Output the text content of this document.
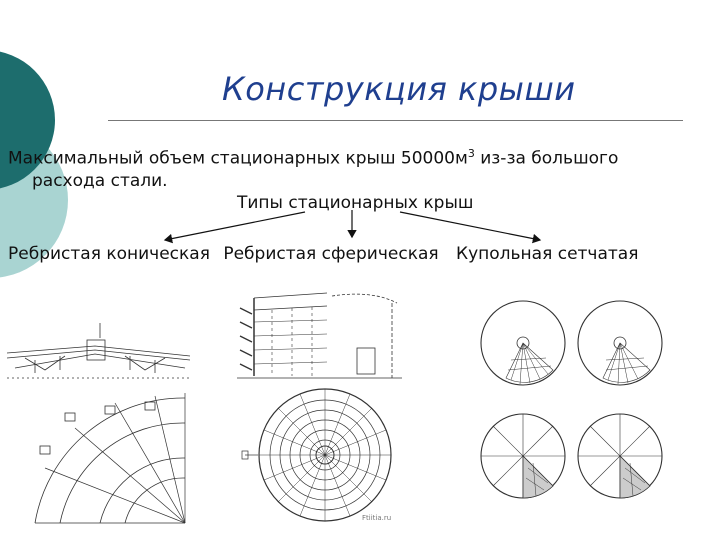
Конструкция крыши
Максимальный объем стационарных крыш $50000м^3$ из-за большого
расхода стали.
Типы стационарных крыш
Ребристая коническая Ребристая сферическая Купольная сетчатая
Ftiitia.ru
